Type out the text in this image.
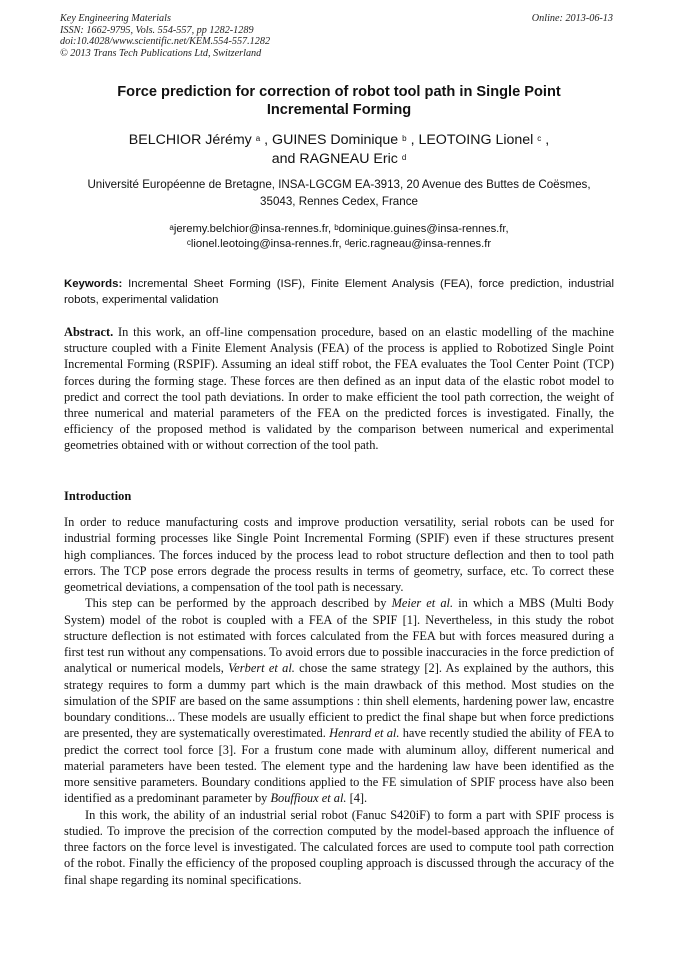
Key Engineering Materials
ISSN: 1662-9795, Vols. 554-557, pp 1282-1289
doi:10.4028/www.scientific.net/KEM.554-557.1282
© 2013 Trans Tech Publications Ltd, Switzerland
Online: 2013-06-13
Force prediction for correction of robot tool path in Single Point
Incremental Forming
BELCHIOR Jérémy $^a$ , GUINES Dominique $^b$ , LEOTOING Lionel $^c$ ,
and RAGNEAU Eric $^d$
Université Européenne de Bretagne, INSA-LGCGM EA-3913, 20 Avenue des Buttes de Coësmes,
35043, Rennes Cedex, France
$^a$jeremy.belchior@insa-rennes.fr, $^b$dominique.guines@insa-rennes.fr,
$^c$lionel.leotoing@insa-rennes.fr, $^d$eric.ragneau@insa-rennes.fr
Keywords: Incremental Sheet Forming (ISF), Finite Element Analysis (FEA), force prediction, industrial robots, experimental validation
Abstract. In this work, an off-line compensation procedure, based on an elastic modelling of the machine structure coupled with a Finite Element Analysis (FEA) of the process is applied to Robotized Single Point Incremental Forming (RSPIF). Assuming an ideal stiff robot, the FEA evaluates the Tool Center Point (TCP) forces during the forming stage. These forces are then defined as an input data of the elastic robot model to predict and correct the tool path deviations. In order to make efficient the tool path correction, the weight of three numerical and material parameters of the FEA on the predicted forces is investigated. Finally, the efficiency of the proposed method is validated by the comparison between numerical and experimental geometries obtained with or without correction of the tool path.
Introduction

In order to reduce manufacturing costs and improve production versatility, serial robots can be used for industrial forming processes like Single Point Incremental Forming (SPIF) even if these structures present high compliances. The forces induced by the process lead to robot structure deflection and then to tool path errors. The TCP pose errors degrade the process results in terms of geometry, surface, etc. To correct these geometrical deviations, a compensation of the tool path is necessary.

This step can be performed by the approach described by Meier et al. in which a MBS (Multi Body System) model of the robot is coupled with a FEA of the SPIF [1]. Nevertheless, in this study the robot structure deflection is not estimated with forces calculated from the FEA but with forces measured during a first test run without any compensations. To avoid errors due to possible inaccuracies in the force prediction of analytical or numerical models, Verbert et al. chose the same strategy [2]. As explained by the authors, this strategy requires to form a dummy part which is the main drawback of this method. Most studies on the simulation of the SPIF are based on the same assumptions : thin shell elements, hardening power law, encastre boundary conditions... These models are usually efficient to predict the final shape but when force predictions are presented, they are systematically overestimated. Henrard et al. have recently studied the ability of FEA to predict the correct tool force [3]. For a frustum cone made with aluminum alloy, different numerical and material parameters have been tested. The element type and the hardening law have been identified as the more sensitive parameters. Boundary conditions applied to the FE simulation of SPIF process have also been identified as a predominant parameter by Bouffioux et al. [4].

In this work, the ability of an industrial serial robot (Fanuc S420iF) to form a part with SPIF process is studied. To improve the precision of the correction computed by the model-based approach the influence of three factors on the force level is investigated. The calculated forces are used to compute tool path correction of the robot. Finally the efficiency of the proposed coupling approach is discussed through the accuracy of the final shape regarding its nominal specifications.
